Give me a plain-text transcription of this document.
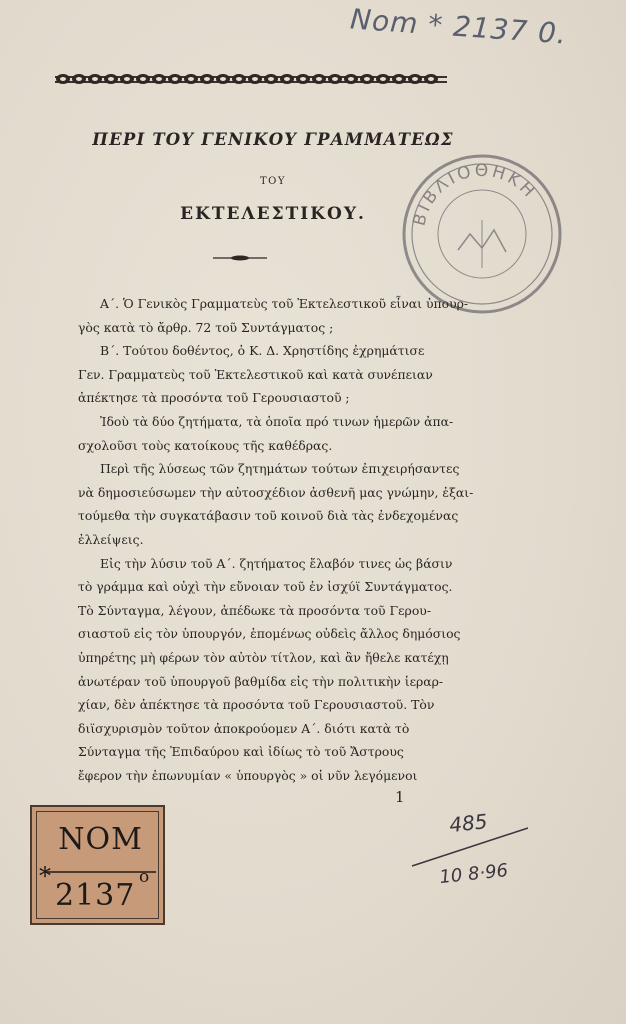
Nom * 2137 0.
ΠΕΡΙ ΤΟΥ ΓΕΝΙΚΟΥ ΓΡΑΜΜΑΤΕΩΣ
ΤΟΥ
ΕΚΤΕΛΕΣΤΙΚΟΥ.	ΒΙΒΛΙΟΘΗΚΗ
Α΄. Ὁ Γενικὸς Γραμματεὺς τοῦ Ἐκτελεστικοῦ εἶναι ὑπουρ-
γὸς κατὰ τὸ ἄρθρ. 72 τοῦ Συντάγματος ;
Β΄. Τούτου δοθέντος, ὁ Κ. Δ. Χρηστίδης ἐχρημάτισε
Γεν. Γραμματεὺς τοῦ Ἐκτελεστικοῦ καὶ κατὰ συνέπειαν
ἀπέκτησε τὰ προσόντα τοῦ Γερουσιαστοῦ ;
Ἰδοὺ τὰ δύο ζητήματα, τὰ ὁποῖα πρό τινων ἡμερῶν ἀπα-
σχολοῦσι τοὺς κατοίκους τῆς καθέδρας.
Περὶ τῆς λύσεως τῶν ζητημάτων τούτων ἐπιχειρήσαντες
νὰ δημοσιεύσωμεν τὴν αὐτοσχέδιον ἀσθενῆ μας γνώμην, ἐξαι-
τούμεθα τὴν συγκατάβασιν τοῦ κοινοῦ διὰ τὰς ἐνδεχομένας
ἐλλείψεις.
Εἰς τὴν λύσιν τοῦ Α΄. ζητήματος ἔλαβόν τινες ὡς βάσιν
τὸ γράμμα καὶ οὐχὶ τὴν εὔνοιαν τοῦ ἐν ἰσχύϊ Συντάγματος.
Τὸ Σύνταγμα, λέγουν, ἀπέδωκε τὰ προσόντα τοῦ Γερου-
σιαστοῦ εἰς τὸν ὑπουργόν, ἑπομένως οὐδεὶς ἄλλος δημόσιος
ὑπηρέτης μὴ φέρων τὸν αὐτὸν τίτλον, καὶ ἂν ἤθελε κατέχῃ
ἀνωτέραν τοῦ ὑπουργοῦ βαθμίδα εἰς τὴν πολιτικὴν ἱεραρ-
χίαν, δὲν ἀπέκτησε τὰ προσόντα τοῦ Γερουσιαστοῦ. Τὸν
διϊσχυρισμὸν τοῦτον ἀποκρούομεν Α΄. διότι κατὰ τὸ
Σύνταγμα τῆς Ἐπιδαύρου καὶ ἰδίως τὸ τοῦ Ἄστρους
ἔφερον τὴν ἐπωνυμίαν « ὑπουργὸς » οἱ νῦν λεγόμενοι
1
NOM
*
2137
o
485
10 8·96
